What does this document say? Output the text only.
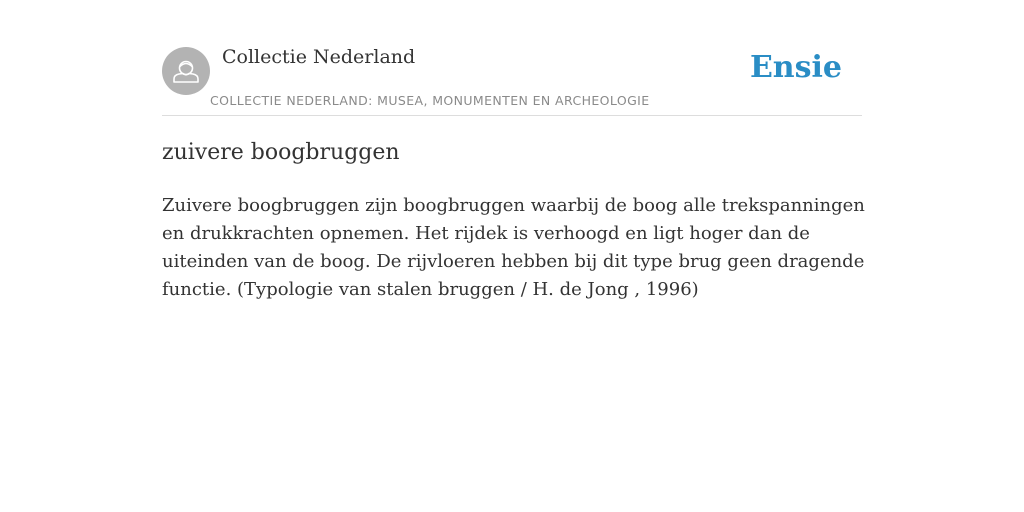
Collectie Nederland
COLLECTIE NEDERLAND: MUSEA, MONUMENTEN EN ARCHEOLOGIE
Ensie
zuivere boogbruggen

Zuivere boogbruggen zijn boogbruggen waarbij de boog alle trekspanningen en drukkrachten opnemen. Het rijdek is verhoogd en ligt hoger dan de uiteinden van de boog. De rijvloeren hebben bij dit type brug geen dragende functie. (Typologie van stalen bruggen / H. de Jong , 1996)
